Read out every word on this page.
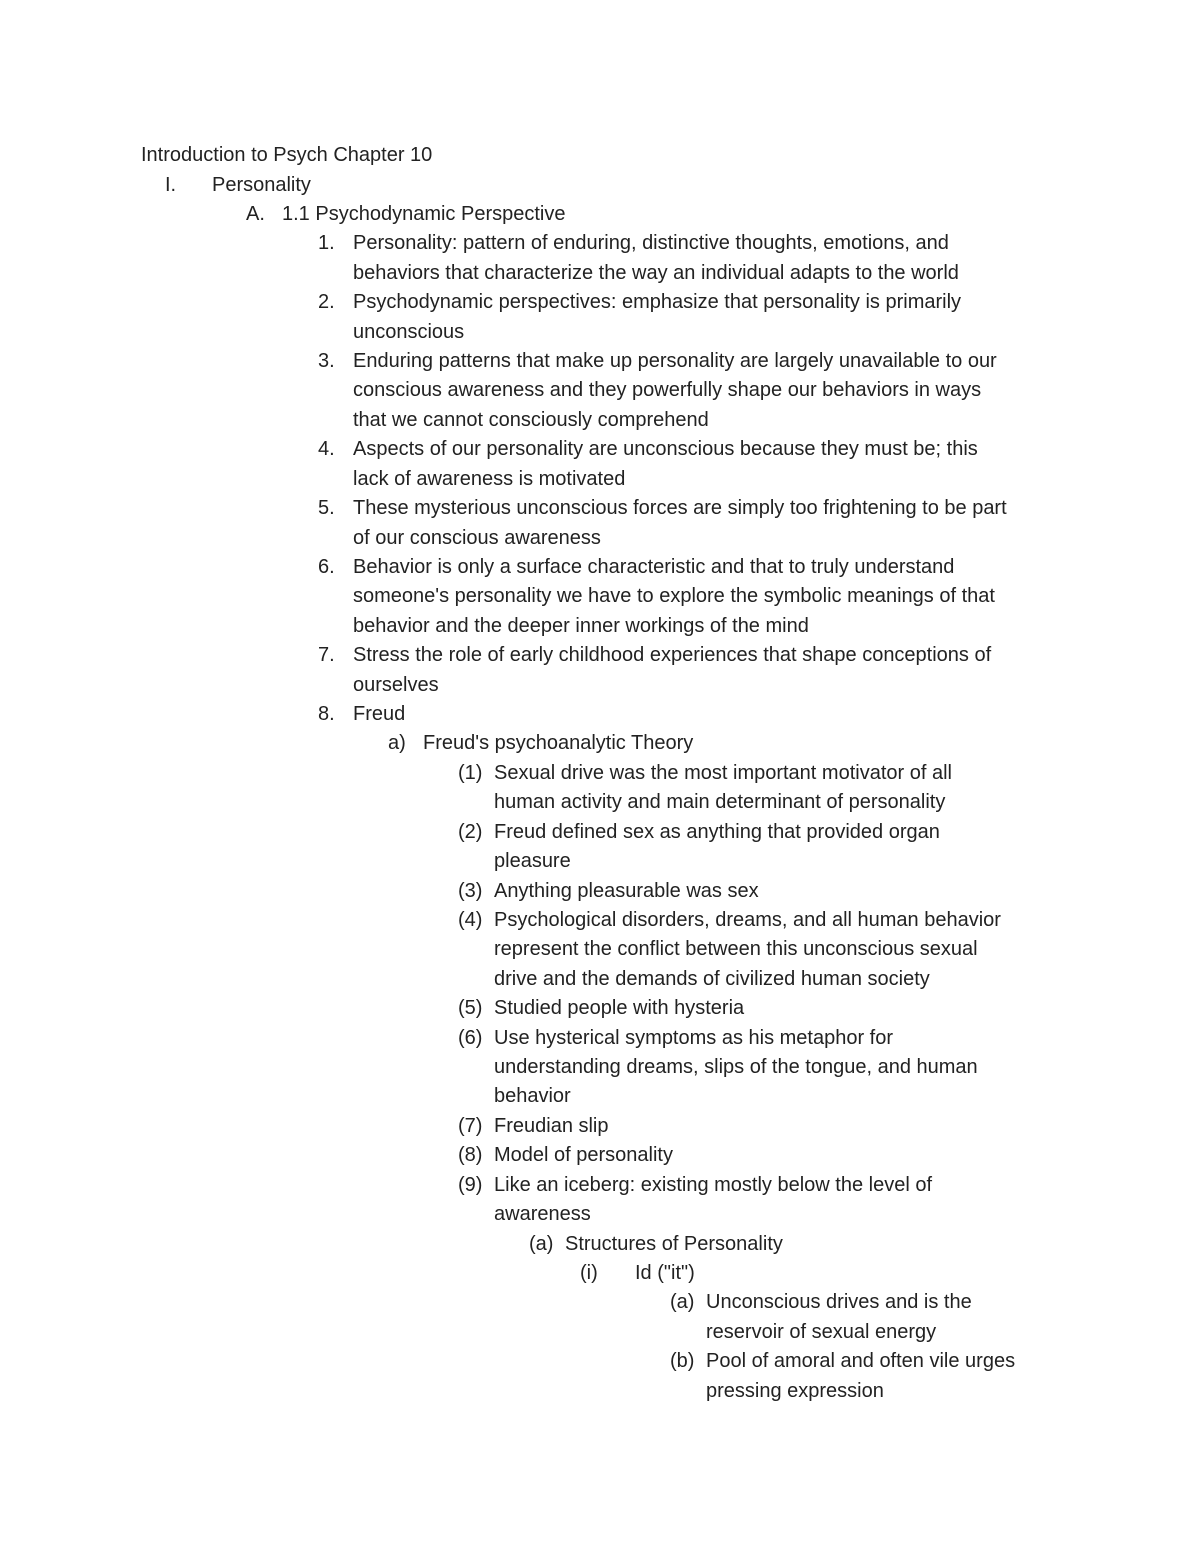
Introduction to Psych Chapter 10
I. Personality
A. 1.1 Psychodynamic Perspective
1. Personality: pattern of enduring, distinctive thoughts, emotions, and
behaviors that characterize the way an individual adapts to the world
2. Psychodynamic perspectives: emphasize that personality is primarily
unconscious
3. Enduring patterns that make up personality are largely unavailable to our
conscious awareness and they powerfully shape our behaviors in ways
that we cannot consciously comprehend
4. Aspects of our personality are unconscious because they must be; this
lack of awareness is motivated
5. These mysterious unconscious forces are simply too frightening to be part
of our conscious awareness
6. Behavior is only a surface characteristic and that to truly understand
someone's personality we have to explore the symbolic meanings of that
behavior and the deeper inner workings of the mind
7. Stress the role of early childhood experiences that shape conceptions of
ourselves
8. Freud
a) Freud's psychoanalytic Theory
(1) Sexual drive was the most important motivator of all
human activity and main determinant of personality
(2) Freud defined sex as anything that provided organ
pleasure
(3) Anything pleasurable was sex
(4) Psychological disorders, dreams, and all human behavior
represent the conflict between this unconscious sexual
drive and the demands of civilized human society
(5) Studied people with hysteria
(6) Use hysterical symptoms as his metaphor for
understanding dreams, slips of the tongue, and human
behavior
(7) Freudian slip
(8) Model of personality
(9) Like an iceberg: existing mostly below the level of
awareness
(a) Structures of Personality
(i) Id ("it")
(a) Unconscious drives and is the
reservoir of sexual energy
(b) Pool of amoral and often vile urges
pressing expression
